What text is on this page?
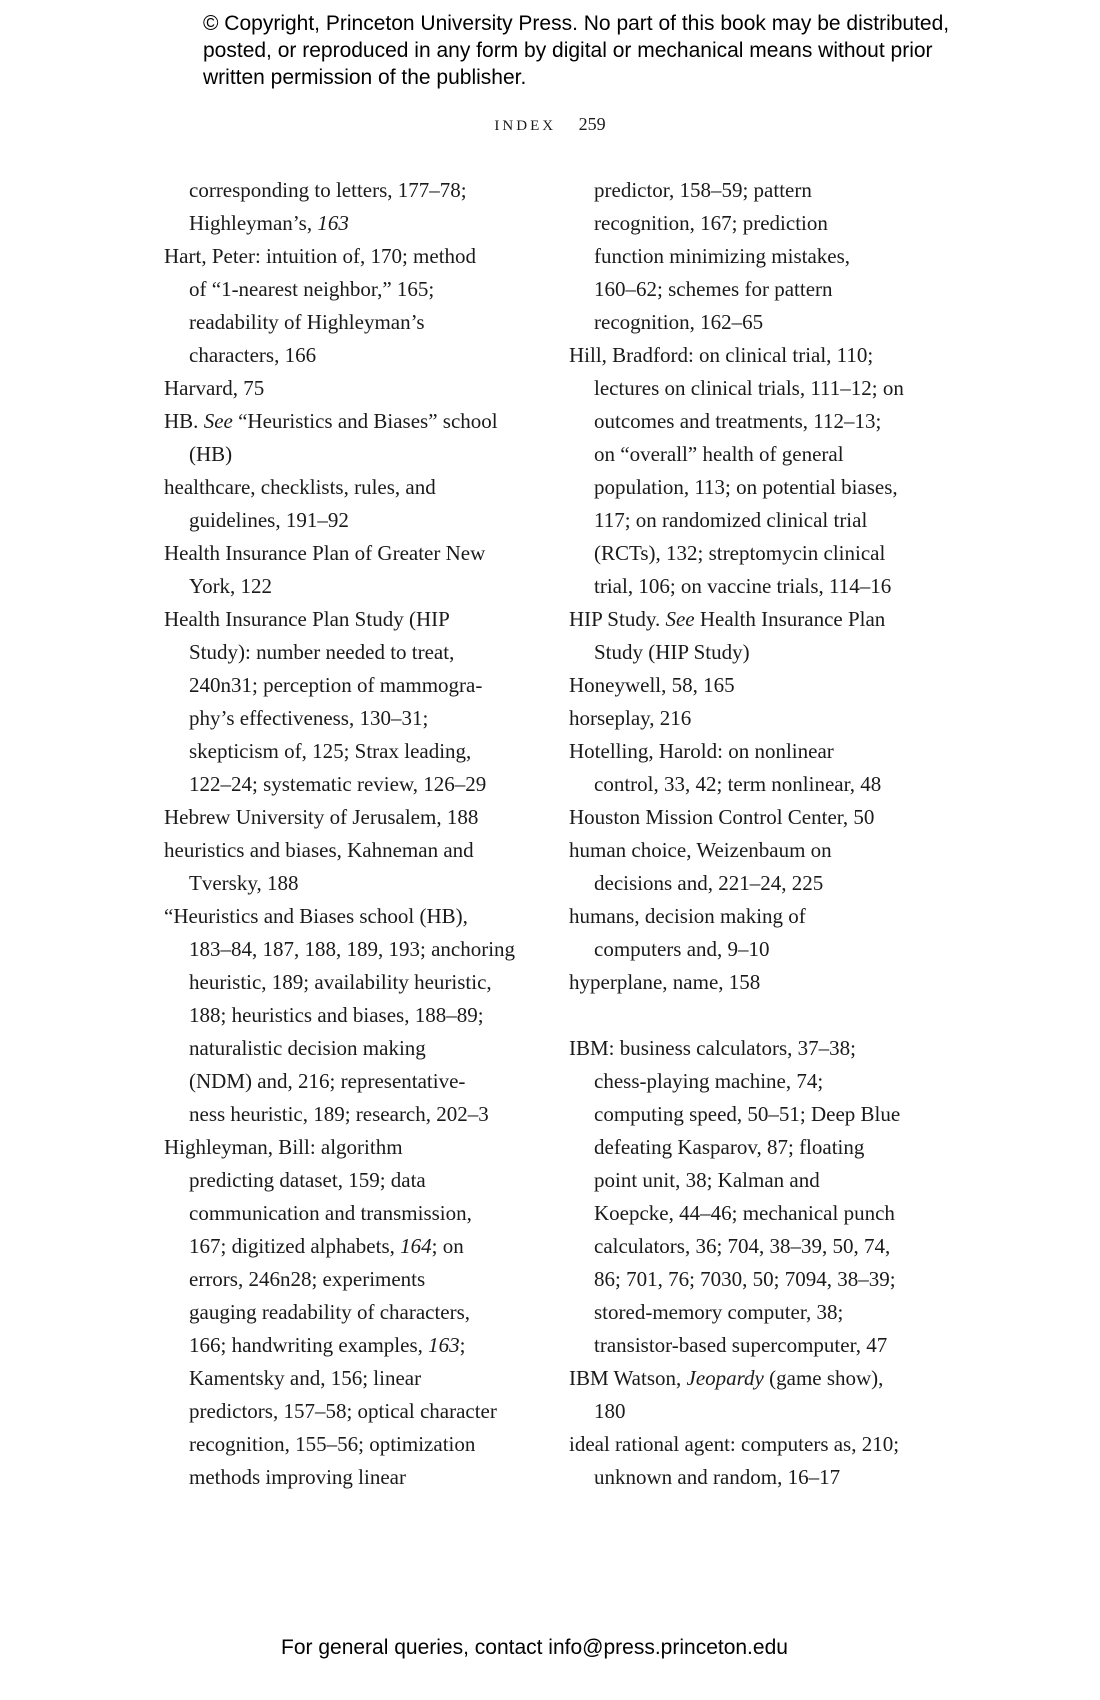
© Copyright, Princeton University Press. No part of this book may be distributed, posted, or reproduced in any form by digital or mechanical means without prior written permission of the publisher.
INDEX 259
corresponding to letters, 177–78;
Highleyman’s, 163
Hart, Peter: intuition of, 170; method
of “1-nearest neighbor,” 165;
readability of Highleyman’s
characters, 166
Harvard, 75
HB. See “Heuristics and Biases” school
(HB)
healthcare, checklists, rules, and
guidelines, 191–92
Health Insurance Plan of Greater New
York, 122
Health Insurance Plan Study (HIP
Study): number needed to treat,
240n31; perception of mammogra-
phy’s effectiveness, 130–31;
skepticism of, 125; Strax leading,
122–24; systematic review, 126–29
Hebrew University of Jerusalem, 188
heuristics and biases, Kahneman and
Tversky, 188
“Heuristics and Biases school (HB),
183–84, 187, 188, 189, 193; anchoring
heuristic, 189; availability heuristic,
188; heuristics and biases, 188–89;
naturalistic decision making
(NDM) and, 216; representative-
ness heuristic, 189; research, 202–3
Highleyman, Bill: algorithm
predicting dataset, 159; data
communication and transmission,
167; digitized alphabets, 164; on
errors, 246n28; experiments
gauging readability of characters,
166; handwriting examples, 163;
Kamentsky and, 156; linear
predictors, 157–58; optical character
recognition, 155–56; optimization
methods improving linear
predictor, 158–59; pattern
recognition, 167; prediction
function minimizing mistakes,
160–62; schemes for pattern
recognition, 162–65
Hill, Bradford: on clinical trial, 110;
lectures on clinical trials, 111–12; on
outcomes and treatments, 112–13;
on “overall” health of general
population, 113; on potential biases,
117; on randomized clinical trial
(RCTs), 132; streptomycin clinical
trial, 106; on vaccine trials, 114–16
HIP Study. See Health Insurance Plan
Study (HIP Study)
Honeywell, 58, 165
horseplay, 216
Hotelling, Harold: on nonlinear
control, 33, 42; term nonlinear, 48
Houston Mission Control Center, 50
human choice, Weizenbaum on
decisions and, 221–24, 225
humans, decision making of
computers and, 9–10
hyperplane, name, 158
IBM: business calculators, 37–38;
chess-playing machine, 74;
computing speed, 50–51; Deep Blue
defeating Kasparov, 87; floating
point unit, 38; Kalman and
Koepcke, 44–46; mechanical punch
calculators, 36; 704, 38–39, 50, 74,
86; 701, 76; 7030, 50; 7094, 38–39;
stored-memory computer, 38;
transistor-based supercomputer, 47
IBM Watson, Jeopardy (game show),
180
ideal rational agent: computers as, 210;
unknown and random, 16–17
For general queries, contact info@press.princeton.edu
